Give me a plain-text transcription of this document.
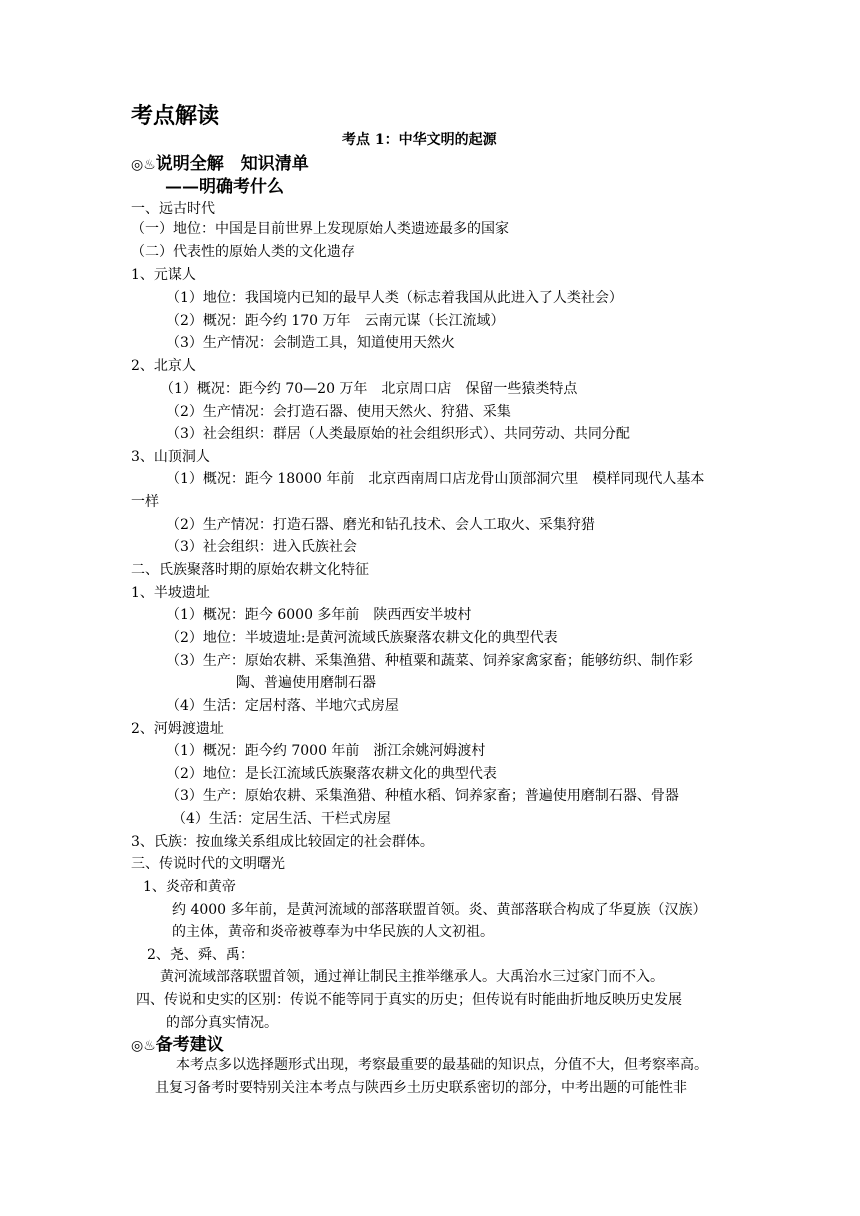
考点解读
考点 1：中华文明的起源
◎♨说明全解　知识清单
——明确考什么
一、远古时代
（一）地位：中国是目前世界上发现原始人类遗迹最多的国家
（二）代表性的原始人类的文化遗存
1、元谋人
（1）地位：我国境内已知的最早人类（标志着我国从此进入了人类社会）
（2）概况：距今约 170 万年　云南元谋（长江流域）
（3）生产情况：会制造工具，知道使用天然火
2、北京人
（1）概况：距今约 70—20 万年　北京周口店　保留一些猿类特点
（2）生产情况：会打造石器、使用天然火、狩猎、采集
（3）社会组织：群居（人类最原始的社会组织形式）、共同劳动、共同分配
3、山顶洞人
（1）概况：距今 18000 年前　北京西南周口店龙骨山顶部洞穴里　模样同现代人基本
一样
（2）生产情况：打造石器、磨光和钻孔技术、会人工取火、采集狩猎
（3）社会组织：进入氏族社会
二、氏族聚落时期的原始农耕文化特征
1、半坡遗址
（1）概况：距今 6000 多年前　陕西西安半坡村
（2）地位：半坡遗址:是黄河流域氏族聚落农耕文化的典型代表
（3）生产：原始农耕、采集渔猎、种植粟和蔬菜、饲养家禽家畜；能够纺织、制作彩
陶、普遍使用磨制石器
（4）生活：定居村落、半地穴式房屋
2、河姆渡遗址
（1）概况：距今约 7000 年前　浙江余姚河姆渡村
（2）地位：是长江流域氏族聚落农耕文化的典型代表
（3）生产：原始农耕、采集渔猎、种植水稻、饲养家畜；普遍使用磨制石器、骨器
（4）生活：定居生活、干栏式房屋
3、氏族：按血缘关系组成比较固定的社会群体。
三、传说时代的文明曙光
1、炎帝和黄帝
约 4000 多年前，是黄河流域的部落联盟首领。炎、黄部落联合构成了华夏族（汉族）
的主体，黄帝和炎帝被尊奉为中华民族的人文初祖。
2、尧、舜、禹：
黄河流域部落联盟首领，通过禅让制民主推举继承人。大禹治水三过家门而不入。
四、传说和史实的区别：传说不能等同于真实的历史；但传说有时能曲折地反映历史发展
的部分真实情况。
◎♨备考建议
本考点多以选择题形式出现，考察最重要的最基础的知识点，分值不大，但考察率高。
且复习备考时要特别关注本考点与陕西乡土历史联系密切的部分，中考出题的可能性非
